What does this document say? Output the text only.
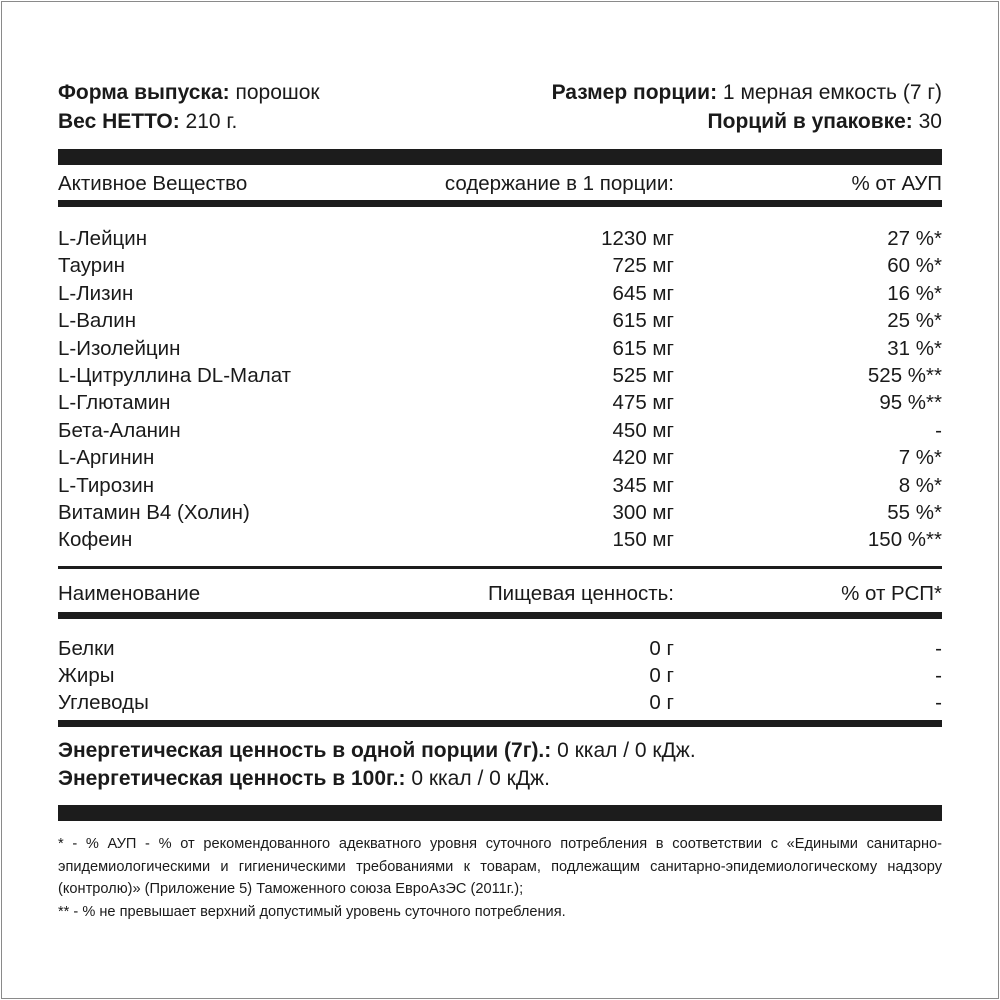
Форма выпуска: порошок	Размер порции: 1 мерная емкость (7 г)
Вес НЕТТО: 210 г.	Порций в упаковке: 30
Активное Вещество	содержание в 1 порции:	% от АУП
L-Лейцин	1230 мг	27 %*
Таурин	725 мг	60 %*
L-Лизин	645 мг	16 %*
L-Валин	615 мг	25 %*
L-Изолейцин	615 мг	31 %*
L-Цитруллина DL-Малат	525 мг	525 %**
L-Глютамин	475 мг	95 %**
Бета-Аланин	450 мг	-
L-Аргинин	420 мг	7 %*
L-Тирозин	345 мг	8 %*
Витамин В4 (Холин)	300 мг	55 %*
Кофеин	150 мг	150 %**
Наименование	Пищевая ценность:	% от РСП*
Белки	0 г	-
Жиры	0 г	-
Углеводы	0 г	-
Энергетическая ценность в одной порции (7г).: 0 ккал / 0 кДж.
Энергетическая ценность в 100г.: 0 ккал / 0 кДж.

* - % АУП - % от рекомендованного адекватного уровня суточного потребления в соответствии с «Едиными санитарно-эпидемиологическими и гигиеническими требованиями к товарам, подлежащим санитарно-эпидемиологическому надзору (контролю)» (Приложение 5) Таможенного союза ЕвроАзЭС (2011г.);

** - % не превышает верхний допустимый уровень суточного потребления.
